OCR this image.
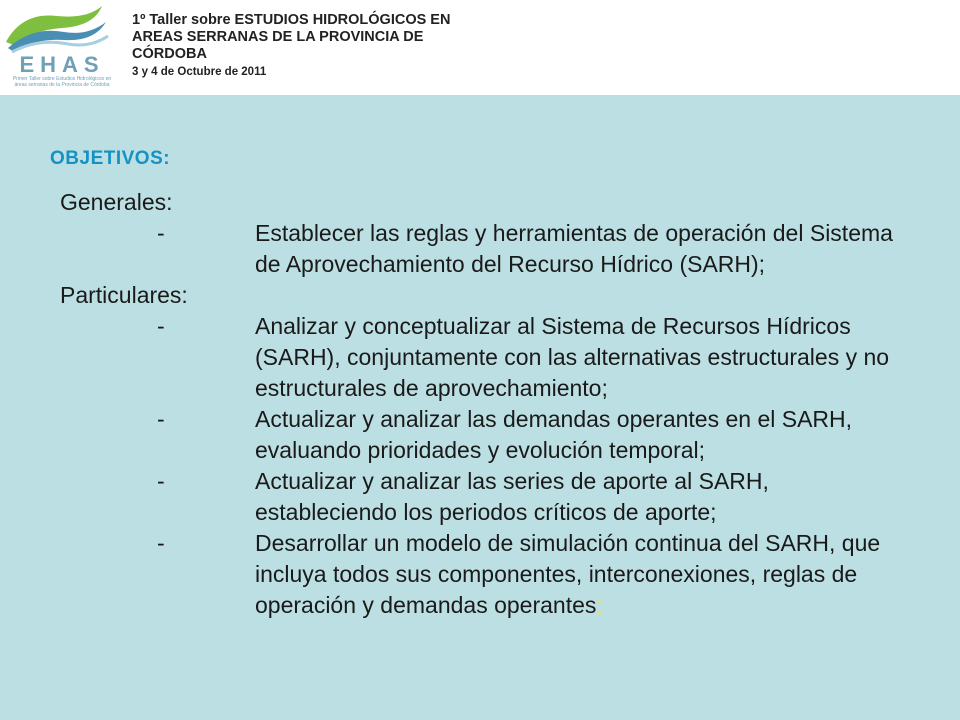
EHAS
Primer Taller sobre Estudios Hidrológicos en áreas serranas de la Provincia de Córdoba
1º Taller sobre ESTUDIOS HIDROLÓGICOS EN AREAS SERRANAS DE LA PROVINCIA DE CÓRDOBA
3 y 4 de Octubre de 2011
OBJETIVOS:

Generales:

-	Establecer las reglas y herramientas de operación del Sistema de Aprovechamiento del Recurso Hídrico (SARH);

Particulares:

-	Analizar y conceptualizar al Sistema de Recursos Hídricos (SARH), conjuntamente con las alternativas estructurales y no estructurales de aprovechamiento;
-	Actualizar y analizar las demandas operantes en el SARH, evaluando prioridades y evolución temporal;
-	Actualizar y analizar las series de aporte al SARH, estableciendo los periodos críticos de aporte;
-	Desarrollar un modelo de simulación continua del SARH, que incluya todos sus componentes, interconexiones, reglas de operación y demandas operantes;
